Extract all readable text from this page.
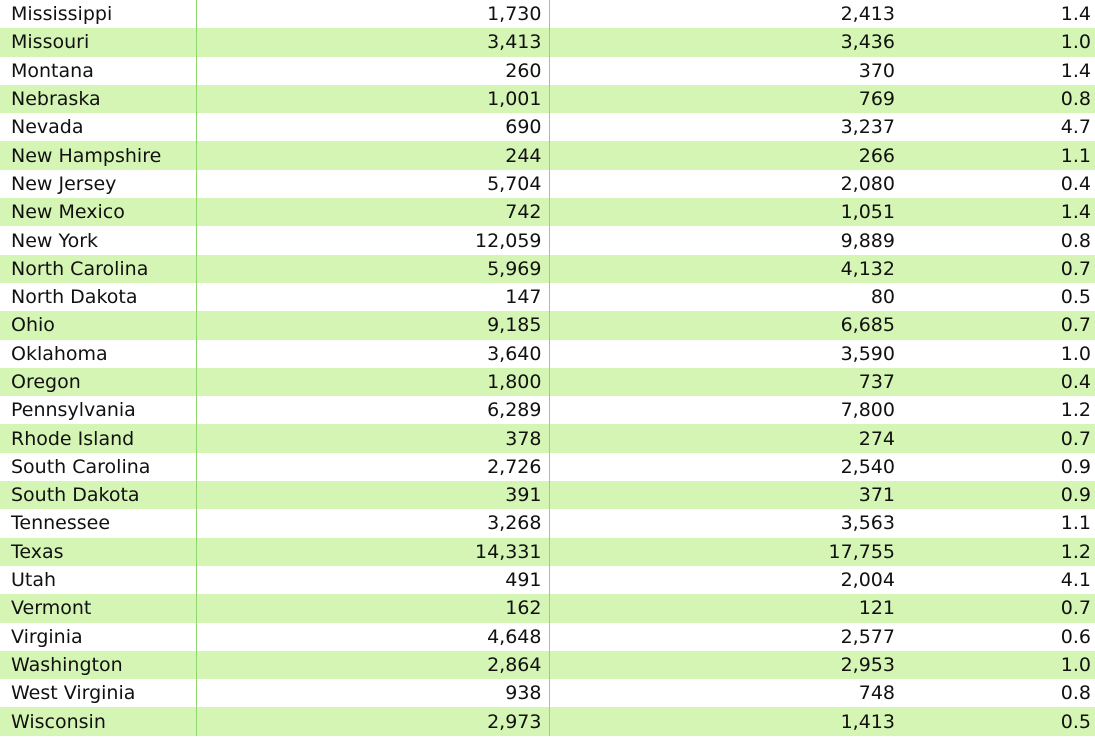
Mississippi	1,730	2,413	1.4
Missouri	3,413	3,436	1.0
Montana	260	370	1.4
Nebraska	1,001	769	0.8
Nevada	690	3,237	4.7
New Hampshire	244	266	1.1
New Jersey	5,704	2,080	0.4
New Mexico	742	1,051	1.4
New York	12,059	9,889	0.8
North Carolina	5,969	4,132	0.7
North Dakota	147	80	0.5
Ohio	9,185	6,685	0.7
Oklahoma	3,640	3,590	1.0
Oregon	1,800	737	0.4
Pennsylvania	6,289	7,800	1.2
Rhode Island	378	274	0.7
South Carolina	2,726	2,540	0.9
South Dakota	391	371	0.9
Tennessee	3,268	3,563	1.1
Texas	14,331	17,755	1.2
Utah	491	2,004	4.1
Vermont	162	121	0.7
Virginia	4,648	2,577	0.6
Washington	2,864	2,953	1.0
West Virginia	938	748	0.8
Wisconsin	2,973	1,413	0.5
